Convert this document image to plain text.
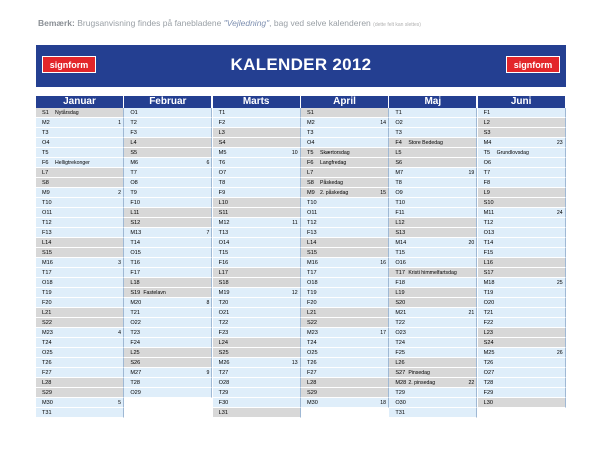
Bemærk: Brugsanvisning findes på fanebladene "Vejledning", bag ved selve kalenderen (dette felt kan slettes)
signform	KALENDER 2012	signform
Januar
S1	Nytårsdag
M2	1
T3
O4
T5
F6	Helligtrekonger
L7
S8
M9	2
T10
O11
T12
F13
L14
S15
M16	3
T17
O18
T19
F20
L21
S22
M23	4
T24
O25
T26
F27
L28
S29
M30	5
T31
Februar
O1
T2
F3
L4
S5
M6	6
T7
O8
T9
F10
L11
S12
M13	7
T14
O15
T16
F17
L18
S19 Fastelavn
M20	8
T21
O22
T23
F24
L25
S26
M27	9
T28
O29
Marts
T1
F2
L3
S4
M5	10
T6
O7
T8
F9
L10
S11
M12	11
T13
O14
T15
F16
L17
S18
M19	12
T20
O21
T22
F23
L24
S25
M26	13
T27
O28
T29
F30
L31
April
S1
M2	14
T3
O4
T5	Skærtorsdag
F6	Langfredag
L7
S8	Påskedag
M9	2. påskedag	15
T10
O11
T12
F13
L14
S15
M16	16
T17
O18
T19
F20
L21
S22
M23	17
T24
O25
T26
F27
L28
S29
M30	18
Maj
T1
O2
T3
F4	Store Bededag
L5
S6
M7	19
T8
O9
T10
F11
L12
S13
M14	20
T15
O16
T17 Kristi himmelfartsdag
F18
L19
S20
M21	21
T22
O23
T24
F25
L26
S27 Pinsedag
M28 2. pinsedag	22
T29
O30
T31
Juni
F1
L2
S3
M4	23
T5	Grundlovsdag
O6
T7
F8
L9
S10
M11	24
T12
O13
T14
F15
L16
S17
M18	25
T19
O20
T21
F22
L23
S24
M25	26
T26
O27
T28
F29
L30
